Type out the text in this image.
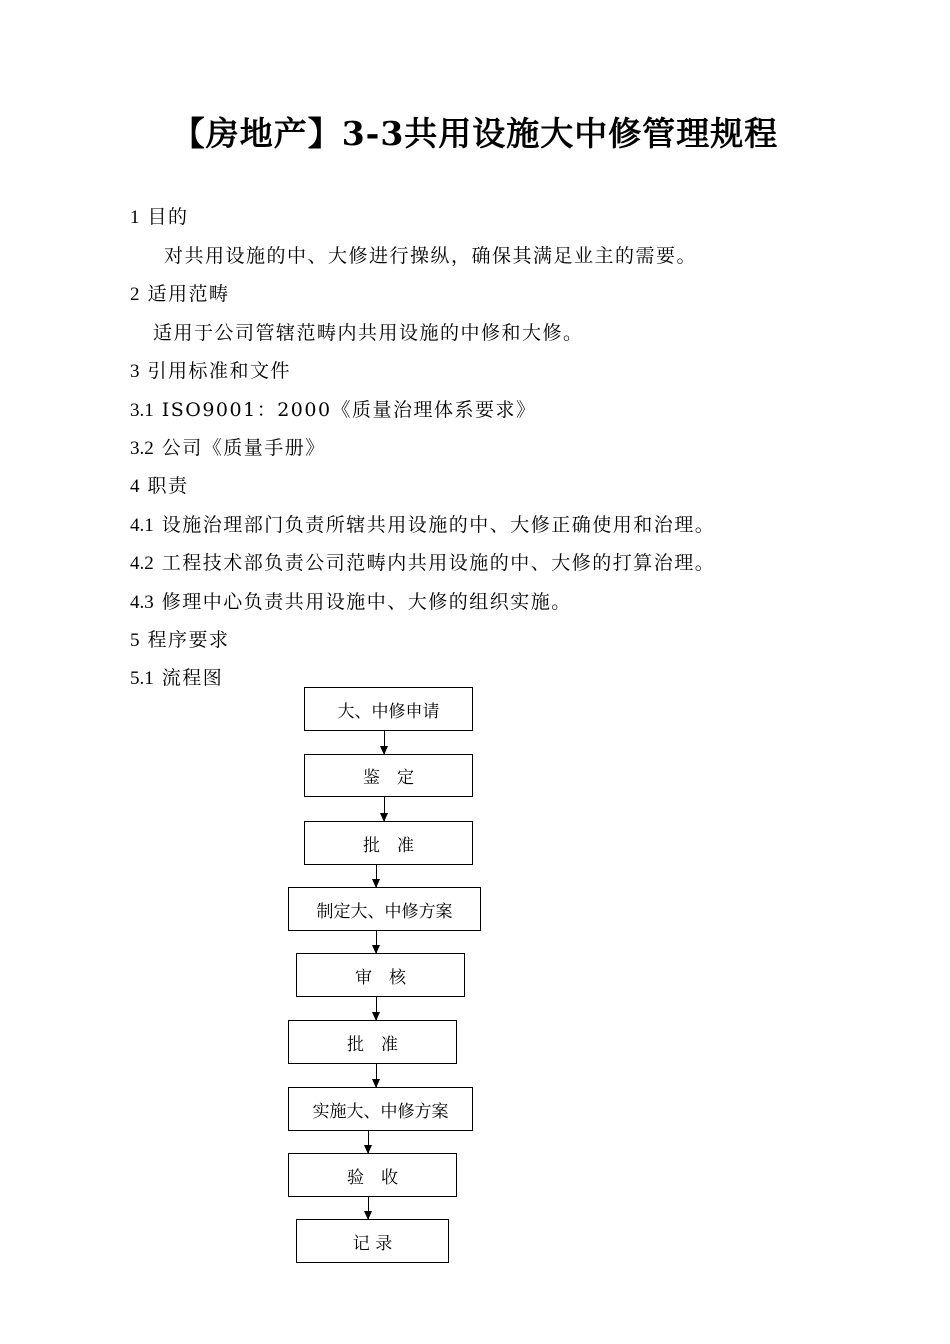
【房地产】3-3共用设施大中修管理规程
1 目的
对共用设施的中、大修进行操纵，确保其满足业主的需要。
2 适用范畴
适用于公司管辖范畴内共用设施的中修和大修。
3 引用标准和文件
3.1 ISO9001：2000《质量治理体系要求》
3.2 公司《质量手册》
4 职责
4.1 设施治理部门负责所辖共用设施的中、大修正确使用和治理。
4.2 工程技术部负责公司范畴内共用设施的中、大修的打算治理。
4.3 修理中心负责共用设施中、大修的组织实施。
5 程序要求
5.1 流程图
大、中修申请
鉴　定
批　准
制定大、中修方案
审　核
批　准
实施大、中修方案
验　收
记 录
